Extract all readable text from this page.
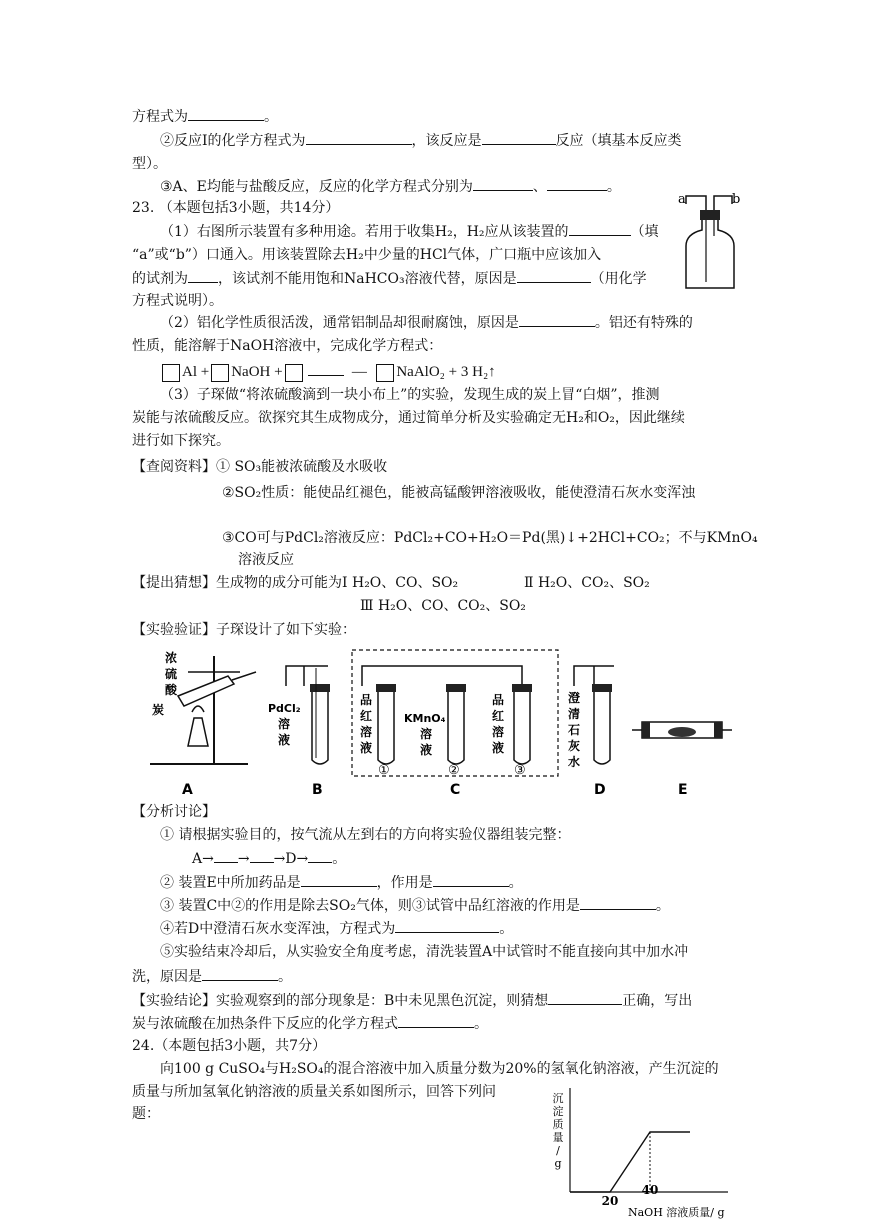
方程式为	。
②反应Ⅰ的化学方程式为	，该反应是	反应（填基本反应类
型）。
③A、E均能与盐酸反应，反应的化学方程式分别为	、	。
23. （本题包括3小题，共14分）
（1）右图所示装置有多种用途。若用于收集H₂，H₂应从该装置的	（填
“a”或“b”）口通入。用该装置除去H₂中少量的HCl气体，广口瓶中应该加入
的试剂为 ，该试剂不能用饱和NaHCO₃溶液代替，原因是	（用化学
方程式说明）。
a	b
（2）铝化学性质很活泼，通常铝制品却很耐腐蚀，原因是	。铝还有特殊的
性质，能溶解于NaOH溶液中，完成化学方程式：
Al + NaOH +	— NaAlO₂ + 3 H₂↑
（3）子琛做“将浓硫酸滴到一块小布上”的实验，发现生成的炭上冒“白烟”，推测
炭能与浓硫酸反应。欲探究其生成物成分，通过简单分析及实验确定无H₂和O₂，因此继续
进行如下探究。
【查阅资料】① SO₃能被浓硫酸及水吸收
②SO₂性质：能使品红褪色，能被高锰酸钾溶液吸收，能使澄清石灰水变浑浊
③CO可与PdCl₂溶液反应：PdCl₂+CO+H₂O＝Pd(黑)↓+2HCl+CO₂；不与KMnO₄
溶液反应
【提出猜想】生成物的成分可能为Ⅰ H₂O、CO、SO₂	Ⅱ H₂O、CO₂、SO₂
Ⅲ H₂O、CO、CO₂、SO₂
【实验验证】子琛设计了如下实验：
浓
硫
酸
炭
A
PdCl₂
溶
液
B
品
红
溶
液
KMnO₄
溶
液
品
红
溶
液
①	②	③
C
澄
清
石
灰
水
D	E
【分析讨论】
① 请根据实验目的，按气流从左到右的方向将实验仪器组装完整：
A→ → →D→ 。
② 装置E中所加药品是	，作用是	。
③ 装置C中②的作用是除去SO₂气体，则③试管中品红溶液的作用是	。
④若D中澄清石灰水变浑浊，方程式为	。
⑤实验结束冷却后，从实验安全角度考虑，清洗装置A中试管时不能直接向其中加水冲
洗，原因是	。
【实验结论】实验观察到的部分现象是：B中未见黑色沉淀，则猜想	正确，写出
炭与浓硫酸在加热条件下反应的化学方程式	。
24.（本题包括3小题，共7分）
向100 g CuSO₄与H₂SO₄的混合溶液中加入质量分数为20%的氢氧化钠溶液，产生沉淀的
质量与所加氢氧化钠溶液的质量关系如图所示，回答下列问
题：
沉
淀
质
量
/
g
20
40
NaOH 溶液质量/ g
